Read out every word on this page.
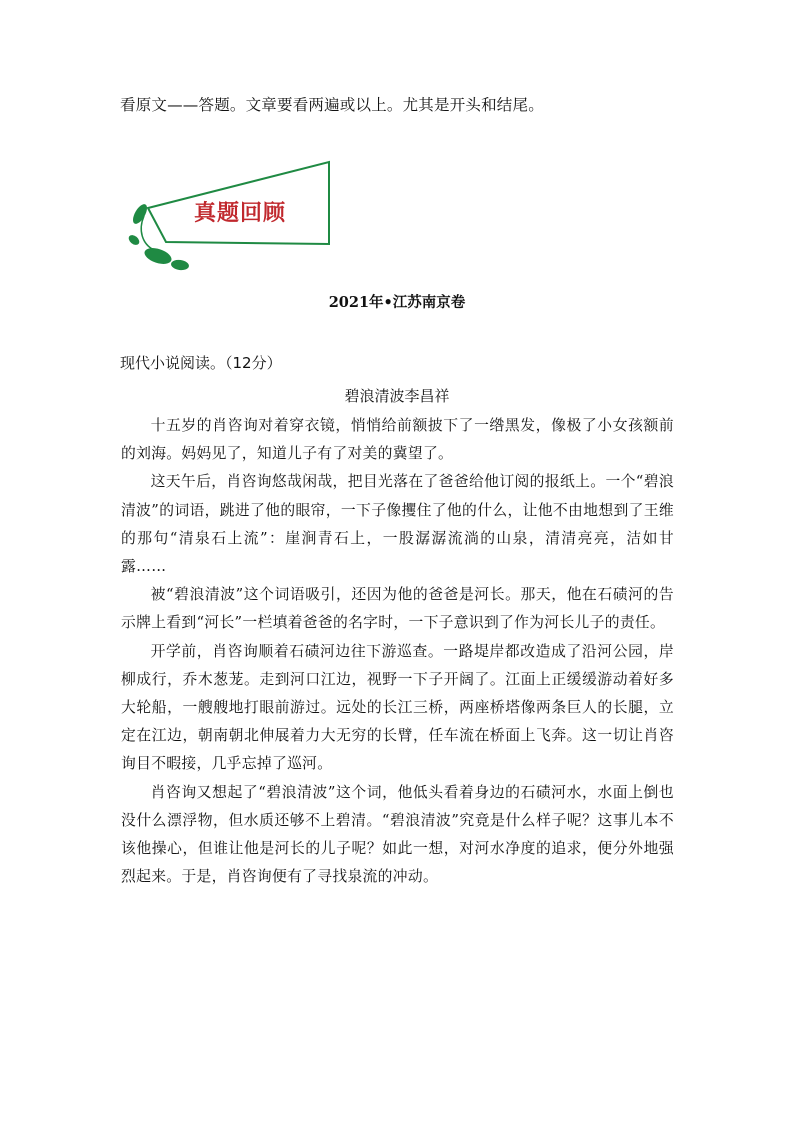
看原文——答题。文章要看两遍或以上。尤其是开头和结尾。
真题回顾
2021年•江苏南京卷
现代小说阅读。（12分）
碧浪清波李昌祥

十五岁的肖咨询对着穿衣镜，悄悄给前额披下了一绺黑发，像极了小女孩额前的刘海。妈妈见了，知道儿子有了对美的冀望了。

这天午后，肖咨询悠哉闲哉，把目光落在了爸爸给他订阅的报纸上。一个“碧浪清波”的词语，跳进了他的眼帘，一下子像攫住了他的什么，让他不由地想到了王维的那句“清泉石上流”：崖涧青石上，一股潺潺流淌的山泉，清清亮亮，洁如甘露……

被“碧浪清波”这个词语吸引，还因为他的爸爸是河长。那天，他在石碛河的告示牌上看到“河长”一栏填着爸爸的名字时，一下子意识到了作为河长儿子的责任。

开学前，肖咨询顺着石碛河边往下游巡查。一路堤岸都改造成了沿河公园，岸柳成行，乔木葱茏。走到河口江边，视野一下子开阔了。江面上正缓缓游动着好多大轮船，一艘艘地打眼前游过。远处的长江三桥，两座桥塔像两条巨人的长腿，立定在江边，朝南朝北伸展着力大无穷的长臂，任车流在桥面上飞奔。这一切让肖咨询目不暇接，几乎忘掉了巡河。

肖咨询又想起了“碧浪清波”这个词，他低头看着身边的石碛河水，水面上倒也没什么漂浮物，但水质还够不上碧清。“碧浪清波”究竟是什么样子呢？这事儿本不该他操心，但谁让他是河长的儿子呢？如此一想，对河水净度的追求，便分外地强烈起来。于是，肖咨询便有了寻找泉流的冲动。
